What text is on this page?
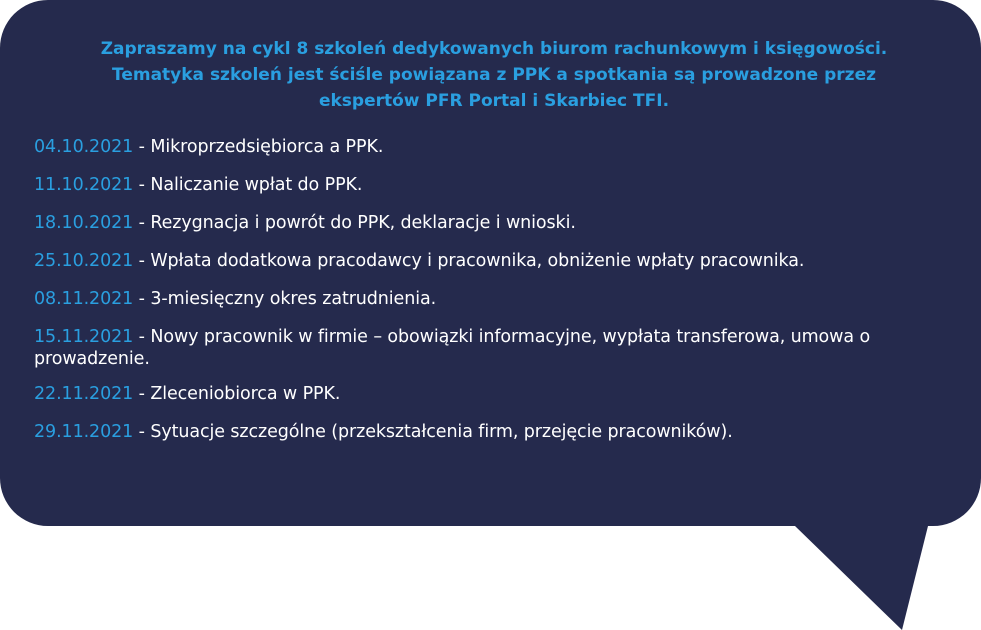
Zapraszamy na cykl 8 szkoleń dedykowanych biurom rachunkowym i księgowości.
Tematyka szkoleń jest ściśle powiązana z PPK a spotkania są prowadzone przez
ekspertów PFR Portal i Skarbiec TFI.

04.10.2021 - Mikroprzedsiębiorca a PPK.
11.10.2021 - Naliczanie wpłat do PPK.
18.10.2021 - Rezygnacja i powrót do PPK, deklaracje i wnioski.
25.10.2021 - Wpłata dodatkowa pracodawcy i pracownika, obniżenie wpłaty pracownika.
08.11.2021 - 3-miesięczny okres zatrudnienia.
15.11.2021 - Nowy pracownik w firmie – obowiązki informacyjne, wypłata transferowa, umowa o prowadzenie.
22.11.2021 - Zleceniobiorca w PPK.
29.11.2021 - Sytuacje szczególne (przekształcenia firm, przejęcie pracowników).
